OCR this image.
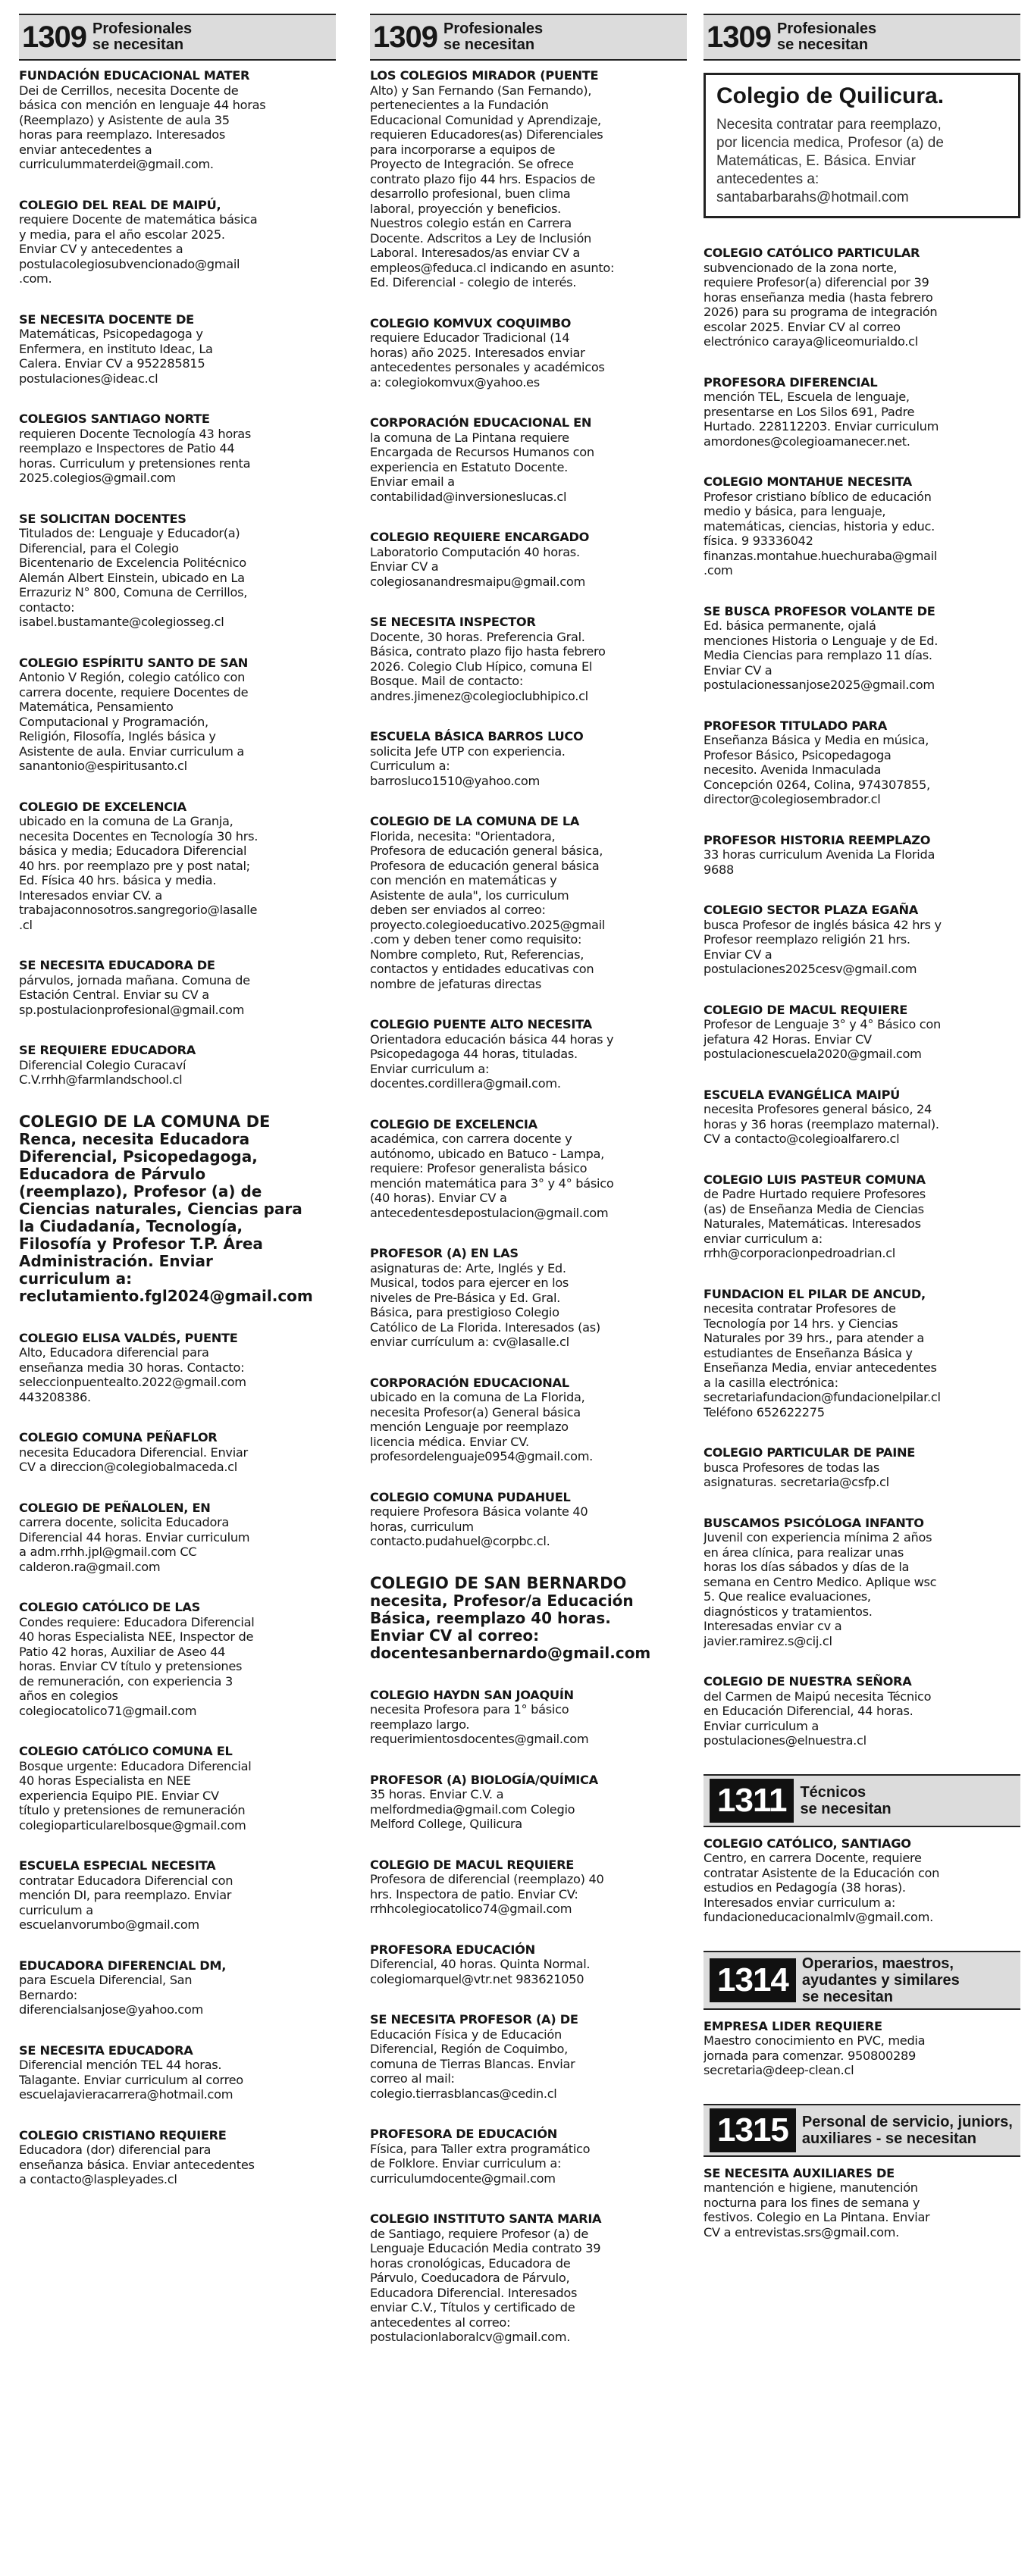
1309 Profesionales
se necesitan
FUNDACIÓN EDUCACIONAL MATER
Dei de Cerrillos, necesita Docente de
básica con mención en lenguaje 44 horas
(Reemplazo) y Asistente de aula 35
horas para reemplazo. Interesados
enviar antecedentes a
curriculummaterdei@gmail.com.
COLEGIO DEL REAL DE MAIPÚ,
requiere Docente de matemática básica
y media, para el año escolar 2025.
Enviar CV y antecedentes a
postulacolegiosubvencionado@gmail
.com.
SE NECESITA DOCENTE DE
Matemáticas, Psicopedagoga y
Enfermera, en instituto Ideac, La
Calera. Enviar CV a 952285815
postulaciones@ideac.cl
COLEGIOS SANTIAGO NORTE
requieren Docente Tecnología 43 horas
reemplazo e Inspectores de Patio 44
horas. Curriculum y pretensiones renta
2025.colegios@gmail.com
SE SOLICITAN DOCENTES
Titulados de: Lenguaje y Educador(a)
Diferencial, para el Colegio
Bicentenario de Excelencia Politécnico
Alemán Albert Einstein, ubicado en La
Errazuriz N° 800, Comuna de Cerrillos,
contacto:
isabel.bustamante@colegiosseg.cl
COLEGIO ESPÍRITU SANTO DE SAN
Antonio V Región, colegio católico con
carrera docente, requiere Docentes de
Matemática, Pensamiento
Computacional y Programación,
Religión, Filosofía, Inglés básica y
Asistente de aula. Enviar curriculum a
sanantonio@espiritusanto.cl
COLEGIO DE EXCELENCIA
ubicado en la comuna de La Granja,
necesita Docentes en Tecnología 30 hrs.
básica y media; Educadora Diferencial
40 hrs. por reemplazo pre y post natal;
Ed. Física 40 hrs. básica y media.
Interesados enviar CV. a
trabajaconnosotros.sangregorio@lasalle
.cl
SE NECESITA EDUCADORA DE
párvulos, jornada mañana. Comuna de
Estación Central. Enviar su CV a
sp.postulacionprofesional@gmail.com
SE REQUIERE EDUCADORA
Diferencial Colegio Curacaví
C.V.rrhh@farmlandschool.cl
COLEGIO DE LA COMUNA DE
Renca, necesita Educadora
Diferencial, Psicopedagoga,
Educadora de Párvulo
(reemplazo), Profesor (a) de
Ciencias naturales, Ciencias para
la Ciudadanía, Tecnología,
Filosofía y Profesor T.P. Área
Administración. Enviar
curriculum a:
reclutamiento.fgl2024@gmail.com
COLEGIO ELISA VALDÉS, PUENTE
Alto, Educadora diferencial para
enseñanza media 30 horas. Contacto:
seleccionpuentealto.2022@gmail.com
443208386.
COLEGIO COMUNA PEÑAFLOR
necesita Educadora Diferencial. Enviar
CV a direccion@colegiobalmaceda.cl
COLEGIO DE PEÑALOLEN, EN
carrera docente, solicita Educadora
Diferencial 44 horas. Enviar curriculum
a adm.rrhh.jpl@gmail.com CC
calderon.ra@gmail.com
COLEGIO CATÓLICO DE LAS
Condes requiere: Educadora Diferencial
40 horas Especialista NEE, Inspector de
Patio 42 horas, Auxiliar de Aseo 44
horas. Enviar CV título y pretensiones
de remuneración, con experiencia 3
años en colegios
colegiocatolico71@gmail.com
COLEGIO CATÓLICO COMUNA EL
Bosque urgente: Educadora Diferencial
40 horas Especialista en NEE
experiencia Equipo PIE. Enviar CV
título y pretensiones de remuneración
colegioparticularelbosque@gmail.com
ESCUELA ESPECIAL NECESITA
contratar Educadora Diferencial con
mención DI, para reemplazo. Enviar
curriculum a
escuelanvorumbo@gmail.com
EDUCADORA DIFERENCIAL DM,
para Escuela Diferencial, San
Bernardo:
diferencialsanjose@yahoo.com
SE NECESITA EDUCADORA
Diferencial mención TEL 44 horas.
Talagante. Enviar curriculum al correo
escuelajavieracarrera@hotmail.com
COLEGIO CRISTIANO REQUIERE
Educadora (dor) diferencial para
enseñanza básica. Enviar antecedentes
a contacto@laspleyades.cl
1309 Profesionales
se necesitan
LOS COLEGIOS MIRADOR (PUENTE
Alto) y San Fernando (San Fernando),
pertenecientes a la Fundación
Educacional Comunidad y Aprendizaje,
requieren Educadores(as) Diferenciales
para incorporarse a equipos de
Proyecto de Integración. Se ofrece
contrato plazo fijo 44 hrs. Espacios de
desarrollo profesional, buen clima
laboral, proyección y beneficios.
Nuestros colegio están en Carrera
Docente. Adscritos a Ley de Inclusión
Laboral. Interesados/as enviar CV a
empleos@feduca.cl indicando en asunto:
Ed. Diferencial - colegio de interés.
COLEGIO KOMVUX COQUIMBO
requiere Educador Tradicional (14
horas) año 2025. Interesados enviar
antecedentes personales y académicos
a: colegiokomvux@yahoo.es
CORPORACIÓN EDUCACIONAL EN
la comuna de La Pintana requiere
Encargada de Recursos Humanos con
experiencia en Estatuto Docente.
Enviar email a
contabilidad@inversioneslucas.cl
COLEGIO REQUIERE ENCARGADO
Laboratorio Computación 40 horas.
Enviar CV a
colegiosanandresmaipu@gmail.com
SE NECESITA INSPECTOR
Docente, 30 horas. Preferencia Gral.
Básica, contrato plazo fijo hasta febrero
2026. Colegio Club Hípico, comuna El
Bosque. Mail de contacto:
andres.jimenez@colegioclubhipico.cl
ESCUELA BÁSICA BARROS LUCO
solicita Jefe UTP con experiencia.
Curriculum a:
barrosluco1510@yahoo.com
COLEGIO DE LA COMUNA DE LA
Florida, necesita: "Orientadora,
Profesora de educación general básica,
Profesora de educación general básica
con mención en matemáticas y
Asistente de aula", los curriculum
deben ser enviados al correo:
proyecto.colegioeducativo.2025@gmail
.com y deben tener como requisito:
Nombre completo, Rut, Referencias,
contactos y entidades educativas con
nombre de jefaturas directas
COLEGIO PUENTE ALTO NECESITA
Orientadora educación básica 44 horas y
Psicopedagoga 44 horas, tituladas.
Enviar curriculum a:
docentes.cordillera@gmail.com.
COLEGIO DE EXCELENCIA
académica, con carrera docente y
autónomo, ubicado en Batuco - Lampa,
requiere: Profesor generalista básico
mención matemática para 3° y 4° básico
(40 horas). Enviar CV a
antecedentesdepostulacion@gmail.com
PROFESOR (A) EN LAS
asignaturas de: Arte, Inglés y Ed.
Musical, todos para ejercer en los
niveles de Pre-Básica y Ed. Gral.
Básica, para prestigioso Colegio
Católico de La Florida. Interesados (as)
enviar currículum a: cv@lasalle.cl
CORPORACIÓN EDUCACIONAL
ubicado en la comuna de La Florida,
necesita Profesor(a) General básica
mención Lenguaje por reemplazo
licencia médica. Enviar CV.
profesordelenguaje0954@gmail.com.
COLEGIO COMUNA PUDAHUEL
requiere Profesora Básica volante 40
horas, curriculum
contacto.pudahuel@corpbc.cl.
COLEGIO DE SAN BERNARDO
necesita, Profesor/a Educación
Básica, reemplazo 40 horas.
Enviar CV al correo:
docentesanbernardo@gmail.com
COLEGIO HAYDN SAN JOAQUÍN
necesita Profesora para 1° básico
reemplazo largo.
requerimientosdocentes@gmail.com
PROFESOR (A) BIOLOGÍA/QUÍMICA
35 horas. Enviar C.V. a
melfordmedia@gmail.com Colegio
Melford College, Quilicura
COLEGIO DE MACUL REQUIERE
Profesora de diferencial (reemplazo) 40
hrs. Inspectora de patio. Enviar CV:
rrhhcolegiocatolico74@gmail.com
PROFESORA EDUCACIÓN
Diferencial, 40 horas. Quinta Normal.
colegiomarquel@vtr.net 983621050
SE NECESITA PROFESOR (A) DE
Educación Física y de Educación
Diferencial, Región de Coquimbo,
comuna de Tierras Blancas. Enviar
correo al mail:
colegio.tierrasblancas@cedin.cl
PROFESORA DE EDUCACIÓN
Física, para Taller extra programático
de Folklore. Enviar curriculum a:
curriculumdocente@gmail.com
COLEGIO INSTITUTO SANTA MARIA
de Santiago, requiere Profesor (a) de
Lenguaje Educación Media contrato 39
horas cronológicas, Educadora de
Párvulo, Coeducadora de Párvulo,
Educadora Diferencial. Interesados
enviar C.V., Títulos y certificado de
antecedentes al correo:
postulacionlaboralcv@gmail.com.
1309 Profesionales
se necesitan
Colegio de Quilicura.
Necesita contratar para reemplazo,
por licencia medica, Profesor (a) de
Matemáticas, E. Básica. Enviar
antecedentes a:
santabarbarahs@hotmail.com
COLEGIO CATÓLICO PARTICULAR
subvencionado de la zona norte,
requiere Profesor(a) diferencial por 39
horas enseñanza media (hasta febrero
2026) para su programa de integración
escolar 2025. Enviar CV al correo
electrónico caraya@liceomurialdo.cl
PROFESORA DIFERENCIAL
mención TEL, Escuela de lenguaje,
presentarse en Los Silos 691, Padre
Hurtado. 228112203. Enviar curriculum
amordones@colegioamanecer.net.
COLEGIO MONTAHUE NECESITA
Profesor cristiano bíblico de educación
medio y básica, para lenguaje,
matemáticas, ciencias, historia y educ.
física. 9 93336042
finanzas.montahue.huechuraba@gmail
.com
SE BUSCA PROFESOR VOLANTE DE
Ed. básica permanente, ojalá
menciones Historia o Lenguaje y de Ed.
Media Ciencias para remplazo 11 días.
Enviar CV a
postulacionessanjose2025@gmail.com
PROFESOR TITULADO PARA
Enseñanza Básica y Media en música,
Profesor Básico, Psicopedagoga
necesito. Avenida Inmaculada
Concepción 0264, Colina, 974307855,
director@colegiosembrador.cl
PROFESOR HISTORIA REEMPLAZO
33 horas curriculum Avenida La Florida
9688
COLEGIO SECTOR PLAZA EGAÑA
busca Profesor de inglés básica 42 hrs y
Profesor reemplazo religión 21 hrs.
Enviar CV a
postulaciones2025cesv@gmail.com
COLEGIO DE MACUL REQUIERE
Profesor de Lenguaje 3° y 4° Básico con
jefatura 42 Horas. Enviar CV
postulacionescuela2020@gmail.com
ESCUELA EVANGÉLICA MAIPÚ
necesita Profesores general básico, 24
horas y 36 horas (reemplazo maternal).
CV a contacto@colegioalfarero.cl
COLEGIO LUIS PASTEUR COMUNA
de Padre Hurtado requiere Profesores
(as) de Enseñanza Media de Ciencias
Naturales, Matemáticas. Interesados
enviar curriculum a:
rrhh@corporacionpedroadrian.cl
FUNDACION EL PILAR DE ANCUD,
necesita contratar Profesores de
Tecnología por 14 hrs. y Ciencias
Naturales por 39 hrs., para atender a
estudiantes de Enseñanza Básica y
Enseñanza Media, enviar antecedentes
a la casilla electrónica:
secretariafundacion@fundacionelpilar.cl
Teléfono 652622275
COLEGIO PARTICULAR DE PAINE
busca Profesores de todas las
asignaturas. secretaria@csfp.cl
BUSCAMOS PSICÓLOGA INFANTO
Juvenil con experiencia mínima 2 años
en área clínica, para realizar unas
horas los días sábados y días de la
semana en Centro Medico. Aplique wsc
5. Que realice evaluaciones,
diagnósticos y tratamientos.
Interesadas enviar cv a
javier.ramirez.s@cij.cl
COLEGIO DE NUESTRA SEÑORA
del Carmen de Maipú necesita Técnico
en Educación Diferencial, 44 horas.
Enviar curriculum a
postulaciones@elnuestra.cl
1311 Técnicos
se necesitan
COLEGIO CATÓLICO, SANTIAGO
Centro, en carrera Docente, requiere
contratar Asistente de la Educación con
estudios en Pedagogía (38 horas).
Interesados enviar curriculum a:
fundacioneducacionalmlv@gmail.com.
1314 Operarios, maestros,
ayudantes y similares
se necesitan
EMPRESA LIDER REQUIERE
Maestro conocimiento en PVC, media
jornada para comenzar. 950800289
secretaria@deep-clean.cl
1315 Personal de servicio, juniors,
auxiliares - se necesitan
SE NECESITA AUXILIARES DE
mantención e higiene, manutención
nocturna para los fines de semana y
festivos. Colegio en La Pintana. Enviar
CV a entrevistas.srs@gmail.com.
